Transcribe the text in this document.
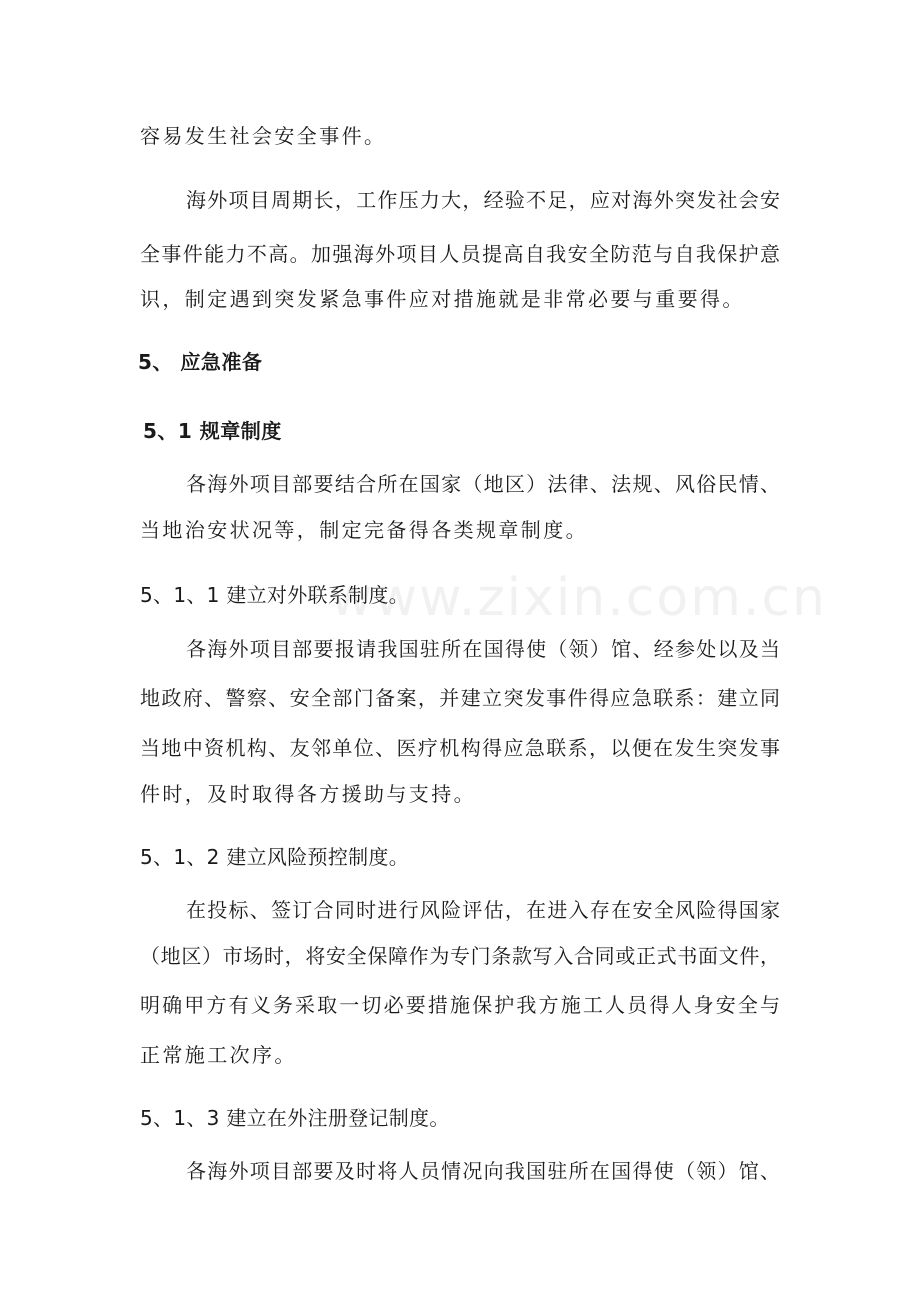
www.zixin.com.cn
容易发生社会安全事件。
海外项目周期长，工作压力大，经验不足，应对海外突发社会安
全事件能力不高。加强海外项目人员提高自我安全防范与自我保护意
识，制定遇到突发紧急事件应对措施就是非常必要与重要得。
5、 应急准备
5、1 规章制度
各海外项目部要结合所在国家（地区）法律、法规、风俗民情、
当地治安状况等，制定完备得各类规章制度。
5、1、1 建立对外联系制度。
各海外项目部要报请我国驻所在国得使（领）馆、经参处以及当
地政府、警察、安全部门备案，并建立突发事件得应急联系：建立同
当地中资机构、友邻单位、医疗机构得应急联系，以便在发生突发事
件时，及时取得各方援助与支持。
5、1、2 建立风险预控制度。
在投标、签订合同时进行风险评估，在进入存在安全风险得国家
（地区）市场时，将安全保障作为专门条款写入合同或正式书面文件，
明确甲方有义务采取一切必要措施保护我方施工人员得人身安全与
正常施工次序。
5、1、3 建立在外注册登记制度。
各海外项目部要及时将人员情况向我国驻所在国得使（领）馆、
